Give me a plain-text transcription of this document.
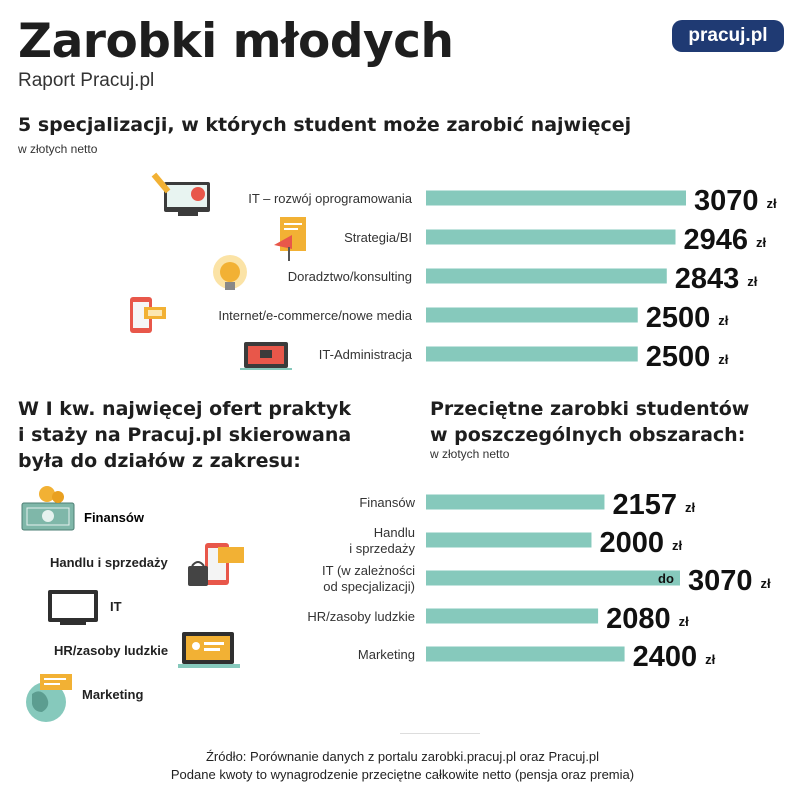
Zarobki młodych
Raport Pracuj.pl
pracuj.pl
5 specjalizacji, w których student może zarobić najwięcej
w złotych netto
IT – rozwój oprogramowania	3070 zł
Strategia/BI	2946 zł
Doradztwo/konsulting	2843 zł
Internet/e-commerce/nowe media	2500 zł
IT-Administracja	2500 zł
W I kw. najwięcej ofert praktyk
i staży na Pracuj.pl skierowana
była do działów z zakresu:
Finansów
Handlu i sprzedaży
IT
HR/zasoby ludzkie
Marketing
Przeciętne zarobki studentów
w poszczególnych obszarach:
w złotych netto
Finansów	2157 zł
Handlu
i sprzedaży	2000 zł
IT (w zależności
od specjalizacji)
do 3070 zł
HR/zasoby ludzkie	2080 zł
Marketing	2400 zł
Źródło: Porównanie danych z portalu zarobki.pracuj.pl oraz Pracuj.pl
Podane kwoty to wynagrodzenie przeciętne całkowite netto (pensja oraz premia)
